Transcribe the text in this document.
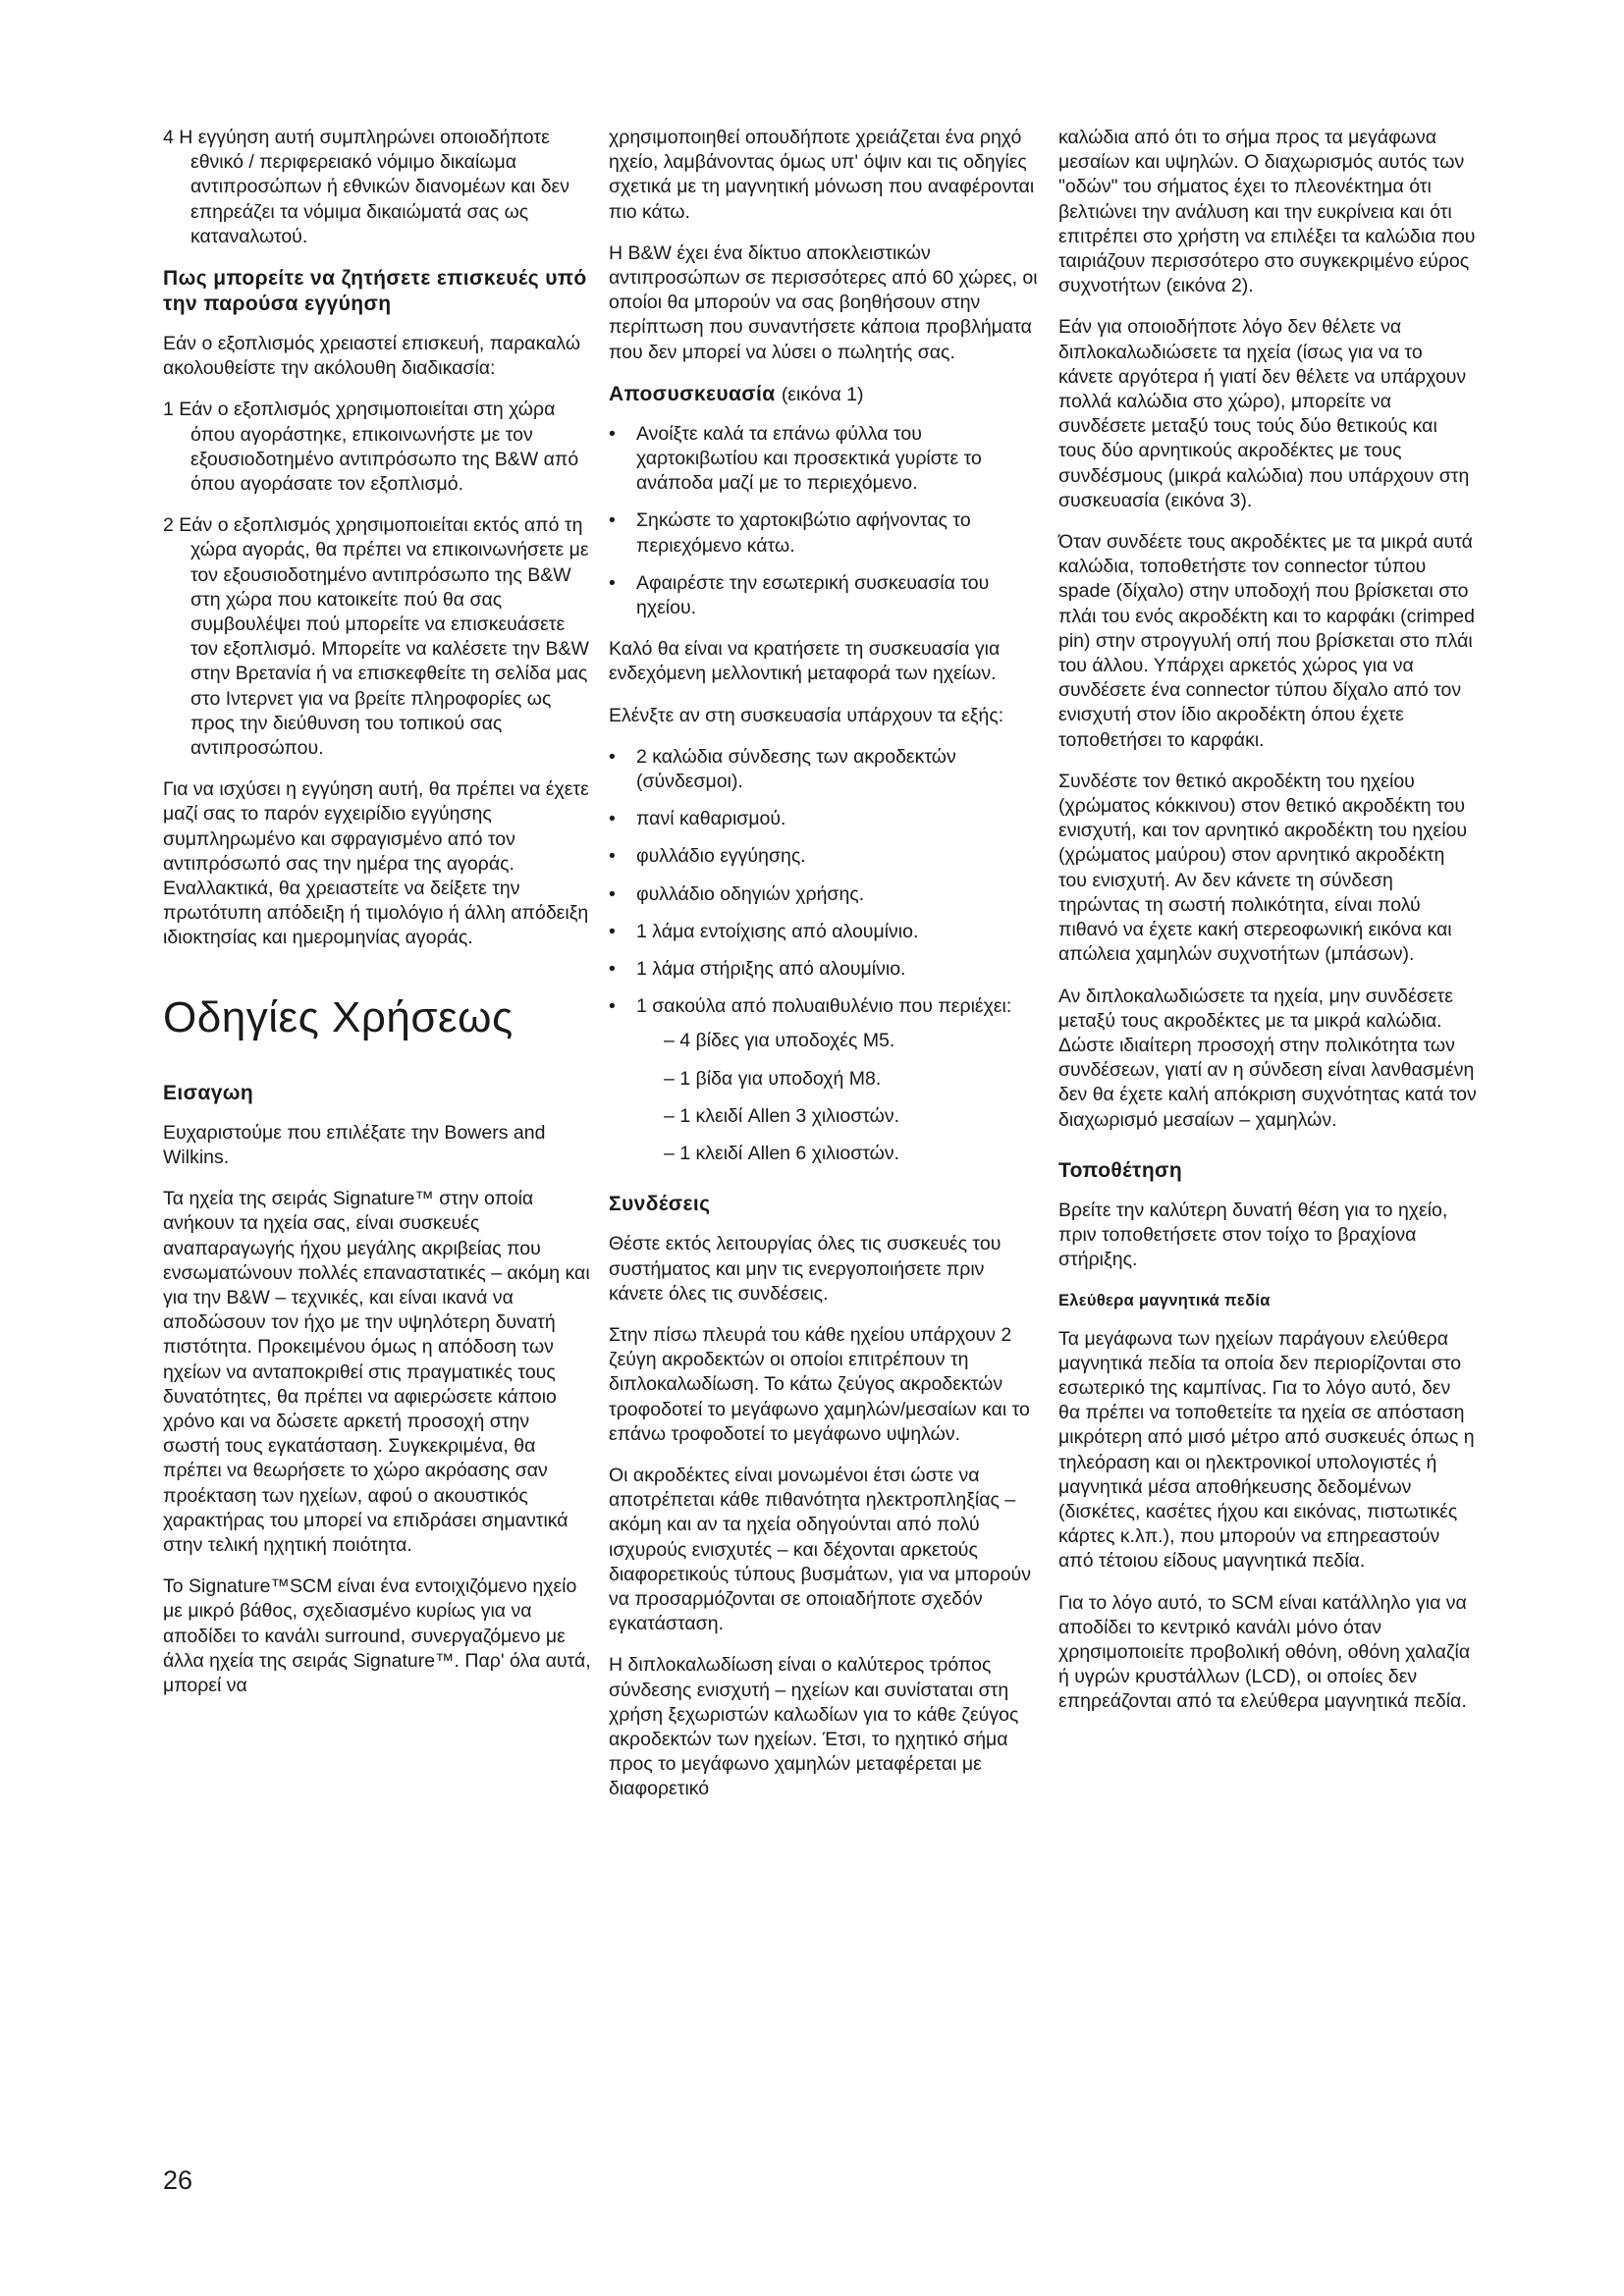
4 Η εγγύηση αυτή συμπληρώνει οποιοδήποτε εθνικό / περιφερειακό νόμιμο δικαίωμα αντιπροσώπων ή εθνικών διανομέων και δεν επηρεάζει τα νόμιμα δικαιώματά σας ως καταναλωτού.

Πως μπορείτε να ζητήσετε επισκευές υπό την παρούσα εγγύηση

Εάν ο εξοπλισμός χρειαστεί επισκευή, παρακαλώ ακολουθείστε την ακόλουθη διαδικασία:

1 Εάν ο εξοπλισμός χρησιμοποιείται στη χώρα όπου αγοράστηκε, επικοινωνήστε με τον εξουσιοδοτημένο αντιπρόσωπο της B&W από όπου αγοράσατε τον εξοπλισμό.

2 Εάν ο εξοπλισμός χρησιμοποιείται εκτός από τη χώρα αγοράς, θα πρέπει να επικοινωνήσετε με τον εξουσιοδοτημένο αντιπρόσωπο της B&W στη χώρα που κατοικείτε πού θα σας συμβουλέψει πού μπορείτε να επισκευάσετε τον εξοπλισμό. Μπορείτε να καλέσετε την B&W στην Βρετανία ή να επισκεφθείτε τη σελίδα μας στο Ιντερνετ για να βρείτε πληροφορίες ως προς την διεύθυνση του τοπικού σας αντιπροσώπου.

Για να ισχύσει η εγγύηση αυτή, θα πρέπει να έχετε μαζί σας το παρόν εγχειρίδιο εγγύησης συμπληρωμένο και σφραγισμένο από τον αντιπρόσωπό σας την ημέρα της αγοράς. Εναλλακτικά, θα χρειαστείτε να δείξετε την πρωτότυπη απόδειξη ή τιμολόγιο ή άλλη απόδειξη ιδιοκτησίας και ημερομηνίας αγοράς.

Οδηγίες Χρήσεως
Εισαγωη

Ευχαριστούμε που επιλέξατε την Bowers and Wilkins.

Τα ηχεία της σειράς Signature™ στην οποία ανήκουν τα ηχεία σας, είναι συσκευές αναπαραγωγής ήχου μεγάλης ακριβείας που ενσωματώνουν πολλές επαναστατικές – ακόμη και για την B&W – τεχνικές, και είναι ικανά να αποδώσουν τον ήχο με την υψηλότερη δυνατή πιστότητα. Προκειμένου όμως η απόδοση των ηχείων να ανταποκριθεί στις πραγματικές τους δυνατότητες, θα πρέπει να αφιερώσετε κάποιο χρόνο και να δώσετε αρκετή προσοχή στην σωστή τους εγκατάσταση. Συγκεκριμένα, θα πρέπει να θεωρήσετε το χώρο ακρόασης σαν προέκταση των ηχείων, αφού ο ακουστικός χαρακτήρας του μπορεί να επιδράσει σημαντικά στην τελική ηχητική ποιότητα.

Το Signature™SCM είναι ένα εντοιχιζόμενο ηχείο με μικρό βάθος, σχεδιασμένο κυρίως για να αποδίδει το κανάλι surround, συνεργαζόμενο με άλλα ηχεία της σειράς Signature™. Παρ' όλα αυτά, μπορεί να

χρησιμοποιηθεί οπουδήποτε χρειάζεται ένα ρηχό ηχείο, λαμβάνοντας όμως υπ' όψιν και τις οδηγίες σχετικά με τη μαγνητική μόνωση που αναφέρονται πιο κάτω.

Η B&W έχει ένα δίκτυο αποκλειστικών αντιπροσώπων σε περισσότερες από 60 χώρες, οι οποίοι θα μπορούν να σας βοηθήσουν στην περίπτωση που συναντήσετε κάποια προβλήματα που δεν μπορεί να λύσει ο πωλητής σας.

Αποσυσκευασία (εικόνα 1)
• Ανοίξτε καλά τα επάνω φύλλα του χαρτοκιβωτίου και προσεκτικά γυρίστε το ανάποδα μαζί με το περιεχόμενο.
• Σηκώστε το χαρτοκιβώτιο αφήνοντας το περιεχόμενο κάτω.
• Αφαιρέστε την εσωτερική συσκευασία του ηχείου.

Καλό θα είναι να κρατήσετε τη συσκευασία για ενδεχόμενη μελλοντική μεταφορά των ηχείων.

Ελένξτε αν στη συσκευασία υπάρχουν τα εξής:

• 2 καλώδια σύνδεσης των ακροδεκτών (σύνδεσμοι).
• πανί καθαρισμού.
• φυλλάδιο εγγύησης.
• φυλλάδιο οδηγιών χρήσης.
• 1 λάμα εντοίχισης από αλουμίνιο.
• 1 λάμα στήριξης από αλουμίνιο.
• 1 σακούλα από πολυαιθυλένιο που περιέχει:
– 4 βίδες για υποδοχές M5.
– 1 βίδα για υποδοχή M8.
– 1 κλειδί Allen 3 χιλιοστών.
– 1 κλειδί Allen 6 χιλιοστών.
Συνδέσεις

Θέστε εκτός λειτουργίας όλες τις συσκευές του συστήματος και μην τις ενεργοποιήσετε πριν κάνετε όλες τις συνδέσεις.

Στην πίσω πλευρά του κάθε ηχείου υπάρχουν 2 ζεύγη ακροδεκτών οι οποίοι επιτρέπουν τη διπλοκαλωδίωση. Το κάτω ζεύγος ακροδεκτών τροφοδοτεί το μεγάφωνο χαμηλών/μεσαίων και το επάνω τροφοδοτεί το μεγάφωνο υψηλών.

Οι ακροδέκτες είναι μονωμένοι έτσι ώστε να αποτρέπεται κάθε πιθανότητα ηλεκτροπληξίας – ακόμη και αν τα ηχεία οδηγούνται από πολύ ισχυρούς ενισχυτές – και δέχονται αρκετούς διαφορετικούς τύπους βυσμάτων, για να μπορούν να προσαρμόζονται σε οποιαδήποτε σχεδόν εγκατάσταση.

Η διπλοκαλωδίωση είναι ο καλύτερος τρόπος σύνδεσης ενισχυτή – ηχείων και συνίσταται στη χρήση ξεχωριστών καλωδίων για το κάθε ζεύγος ακροδεκτών των ηχείων. Έτσι, το ηχητικό σήμα προς το μεγάφωνο χαμηλών μεταφέρεται με διαφορετικό

καλώδια από ότι το σήμα προς τα μεγάφωνα μεσαίων και υψηλών. Ο διαχωρισμός αυτός των "οδών" του σήματος έχει το πλεονέκτημα ότι βελτιώνει την ανάλυση και την ευκρίνεια και ότι επιτρέπει στο χρήστη να επιλέξει τα καλώδια που ταιριάζουν περισσότερο στο συγκεκριμένο εύρος συχνοτήτων (εικόνα 2).

Εάν για οποιοδήποτε λόγο δεν θέλετε να διπλοκαλωδιώσετε τα ηχεία (ίσως για να το κάνετε αργότερα ή γιατί δεν θέλετε να υπάρχουν πολλά καλώδια στο χώρο), μπορείτε να συνδέσετε μεταξύ τους τούς δύο θετικούς και τους δύο αρνητικούς ακροδέκτες με τους συνδέσμους (μικρά καλώδια) που υπάρχουν στη συσκευασία (εικόνα 3).

Όταν συνδέετε τους ακροδέκτες με τα μικρά αυτά καλώδια, τοποθετήστε τον connector τύπου spade (δίχαλο) στην υποδοχή που βρίσκεται στο πλάι του ενός ακροδέκτη και το καρφάκι (crimped pin) στην στρογγυλή οπή που βρίσκεται στο πλάι του άλλου. Υπάρχει αρκετός χώρος για να συνδέσετε ένα connector τύπου δίχαλο από τον ενισχυτή στον ίδιο ακροδέκτη όπου έχετε τοποθετήσει το καρφάκι.

Συνδέστε τον θετικό ακροδέκτη του ηχείου (χρώματος κόκκινου) στον θετικό ακροδέκτη του ενισχυτή, και τον αρνητικό ακροδέκτη του ηχείου (χρώματος μαύρου) στον αρνητικό ακροδέκτη του ενισχυτή. Αν δεν κάνετε τη σύνδεση τηρώντας τη σωστή πολικότητα, είναι πολύ πιθανό να έχετε κακή στερεοφωνική εικόνα και απώλεια χαμηλών συχνοτήτων (μπάσων).

Αν διπλοκαλωδιώσετε τα ηχεία, μην συνδέσετε μεταξύ τους ακροδέκτες με τα μικρά καλώδια. Δώστε ιδιαίτερη προσοχή στην πολικότητα των συνδέσεων, γιατί αν η σύνδεση είναι λανθασμένη δεν θα έχετε καλή απόκριση συχνότητας κατά τον διαχωρισμό μεσαίων – χαμηλών.

Τοποθέτηση

Βρείτε την καλύτερη δυνατή θέση για το ηχείο, πριν τοποθετήσετε στον τοίχο το βραχίονα στήριξης.

Ελεύθερα μαγνητικά πεδία

Τα μεγάφωνα των ηχείων παράγουν ελεύθερα μαγνητικά πεδία τα οποία δεν περιορίζονται στο εσωτερικό της καμπίνας. Για το λόγο αυτό, δεν θα πρέπει να τοποθετείτε τα ηχεία σε απόσταση μικρότερη από μισό μέτρο από συσκευές όπως η τηλεόραση και οι ηλεκτρονικοί υπολογιστές ή μαγνητικά μέσα αποθήκευσης δεδομένων (δισκέτες, κασέτες ήχου και εικόνας, πιστωτικές κάρτες κ.λπ.), που μπορούν να επηρεαστούν από τέτοιου είδους μαγνητικά πεδία.

Για το λόγο αυτό, το SCM είναι κατάλληλο για να αποδίδει το κεντρικό κανάλι μόνο όταν χρησιμοποιείτε προβολική οθόνη, οθόνη χαλαζία ή υγρών κρυστάλλων (LCD), οι οποίες δεν επηρεάζονται από τα ελεύθερα μαγνητικά πεδία.

26
